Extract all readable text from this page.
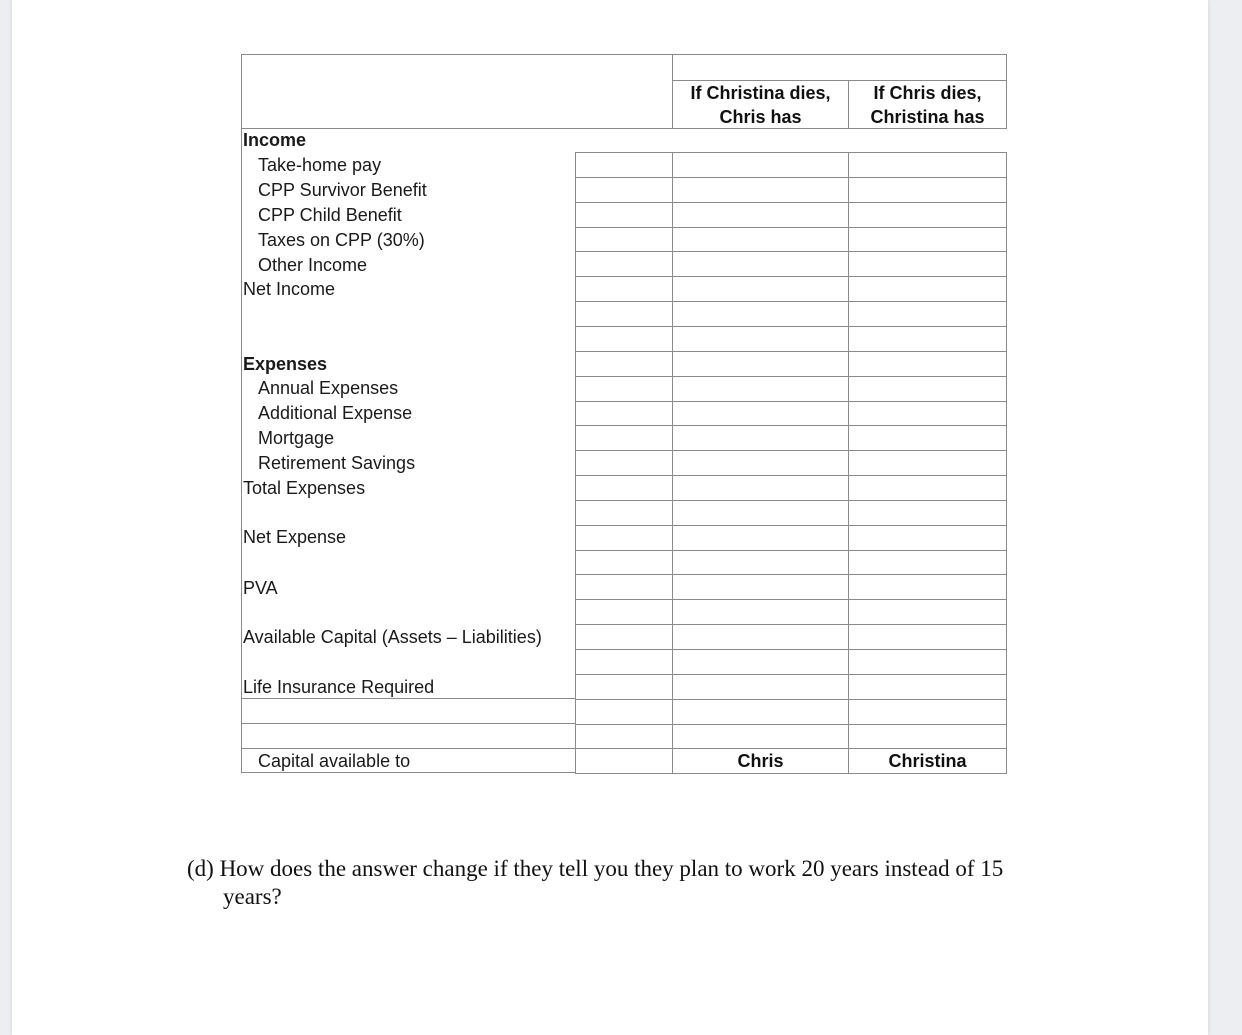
If Christina dies,
Chris has
If Chris dies,
Christina has
Income
Take-home pay
CPP Survivor Benefit
CPP Child Benefit
Taxes on CPP (30%)
Other Income
Net Income
Expenses
Annual Expenses
Additional Expense
Mortgage
Retirement Savings
Total Expenses
Net Expense
PVA
Available Capital (Assets – Liabilities)
Life Insurance Required
Capital available to	Chris	Christina
(d) How does the answer change if they tell you they plan to work 20 years instead of 15
years?
